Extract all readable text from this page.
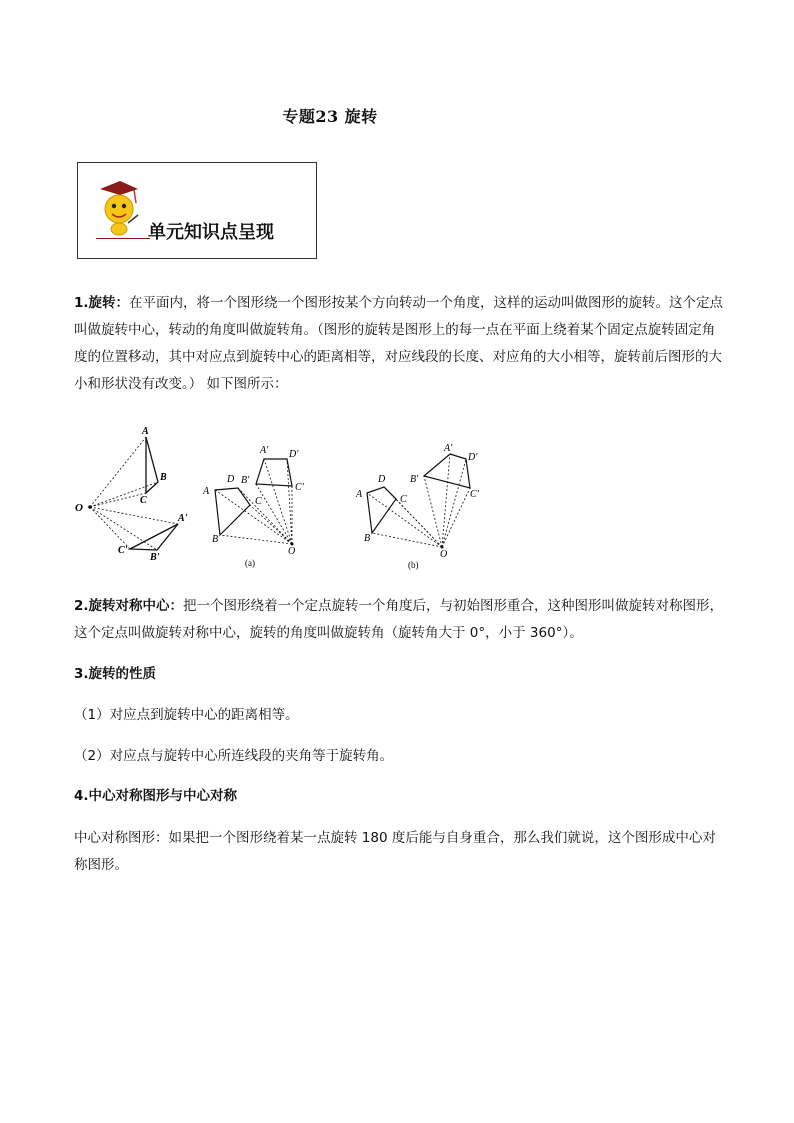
专题23 旋转
单元知识点呈现
1.旋转：在平面内，将一个图形绕一个图形按某个方向转动一个角度，这样的运动叫做图形的旋转。这个定点叫做旋转中心，转动的角度叫做旋转角。（图形的旋转是图形上的每一点在平面上绕着某个固定点旋转固定角度的位置移动，其中对应点到旋转中心的距离相等，对应线段的长度、对应角的大小相等，旋转前后图形的大小和形状没有改变。） 如下图所示：
A
B
C
O
A'
B'
C'
A
D
C
B
A' D'
C'
B'
O
(a)
A
D
C
B
A'
D'
C'
B'
O
(b)
2.旋转对称中心：把一个图形绕着一个定点旋转一个角度后，与初始图形重合，这种图形叫做旋转对称图形，这个定点叫做旋转对称中心，旋转的角度叫做旋转角（旋转角大于 0°，小于 360°）。
3.旋转的性质
（1）对应点到旋转中心的距离相等。
（2）对应点与旋转中心所连线段的夹角等于旋转角。
4.中心对称图形与中心对称
中心对称图形：如果把一个图形绕着某一点旋转 180 度后能与自身重合，那么我们就说，这个图形成中心对称图形。
